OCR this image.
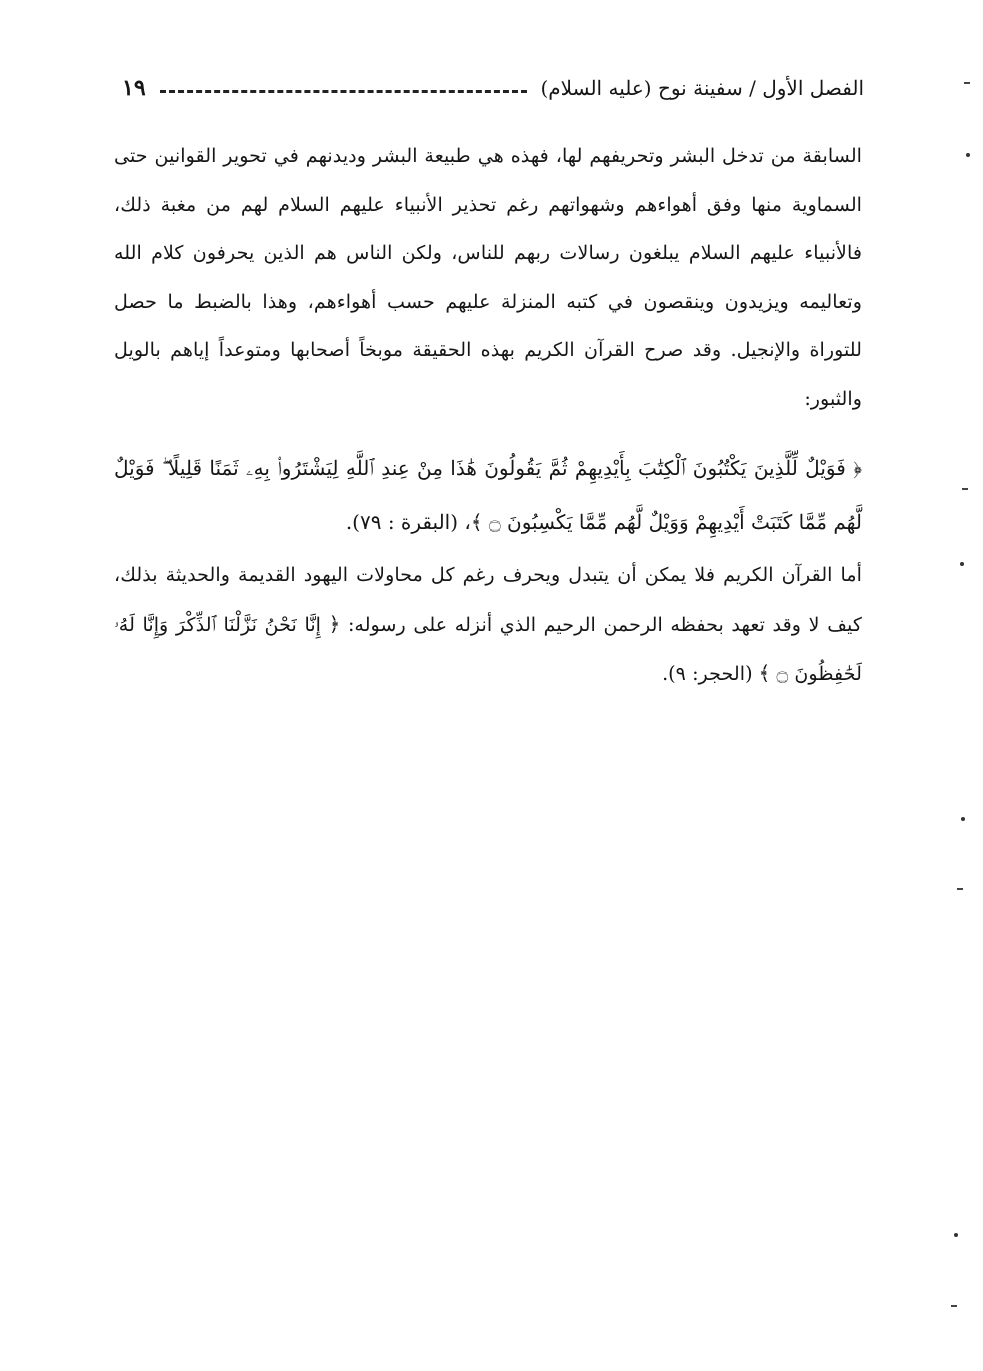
الفصل الأول / سفينة نوح (عليه السلام)
١٩

السابقة من تدخل البشر وتحريفهم لها، فهذه هي طبيعة البشر وديدنهم في تحوير القوانين حتى السماوية منها وفق أهواءهم وشهواتهم رغم تحذير الأنبياء عليهم السلام لهم من مغبة ذلك، فالأنبياء عليهم السلام يبلغون رسالات ربهم للناس، ولكن الناس هم الذين يحرفون كلام الله وتعاليمه ويزيدون وينقصون في كتبه المنزلة عليهم حسب أهواءهم، وهذا بالضبط ما حصل للتوراة والإنجيل. وقد صرح القرآن الكريم بهذه الحقيقة موبخاً أصحابها ومتوعداً إياهم بالويل والثبور:

﴿ فَوَيْلٌ لِّلَّذِينَ يَكْتُبُونَ ٱلْكِتَٰبَ بِأَيْدِيهِمْ ثُمَّ يَقُولُونَ هَٰذَا مِنْ عِندِ ٱللَّهِ لِيَشْتَرُوا۟ بِهِۦ ثَمَنًا قَلِيلًا ۖ فَوَيْلٌ لَّهُم مِّمَّا كَتَبَتْ أَيْدِيهِمْ وَوَيْلٌ لَّهُم مِّمَّا يَكْسِبُونَ ۝ ﴾، (البقرة : ٧٩).

أما القرآن الكريم فلا يمكن أن يتبدل ويحرف رغم كل محاولات اليهود القديمة والحديثة بذلك، كيف لا وقد تعهد بحفظه الرحمن الرحيم الذي أنزله على رسوله: ﴿ إِنَّا نَحْنُ نَزَّلْنَا ٱلذِّكْرَ وَإِنَّا لَهُۥ لَحَٰفِظُونَ ۝ ﴾ (الحجر: ٩).
